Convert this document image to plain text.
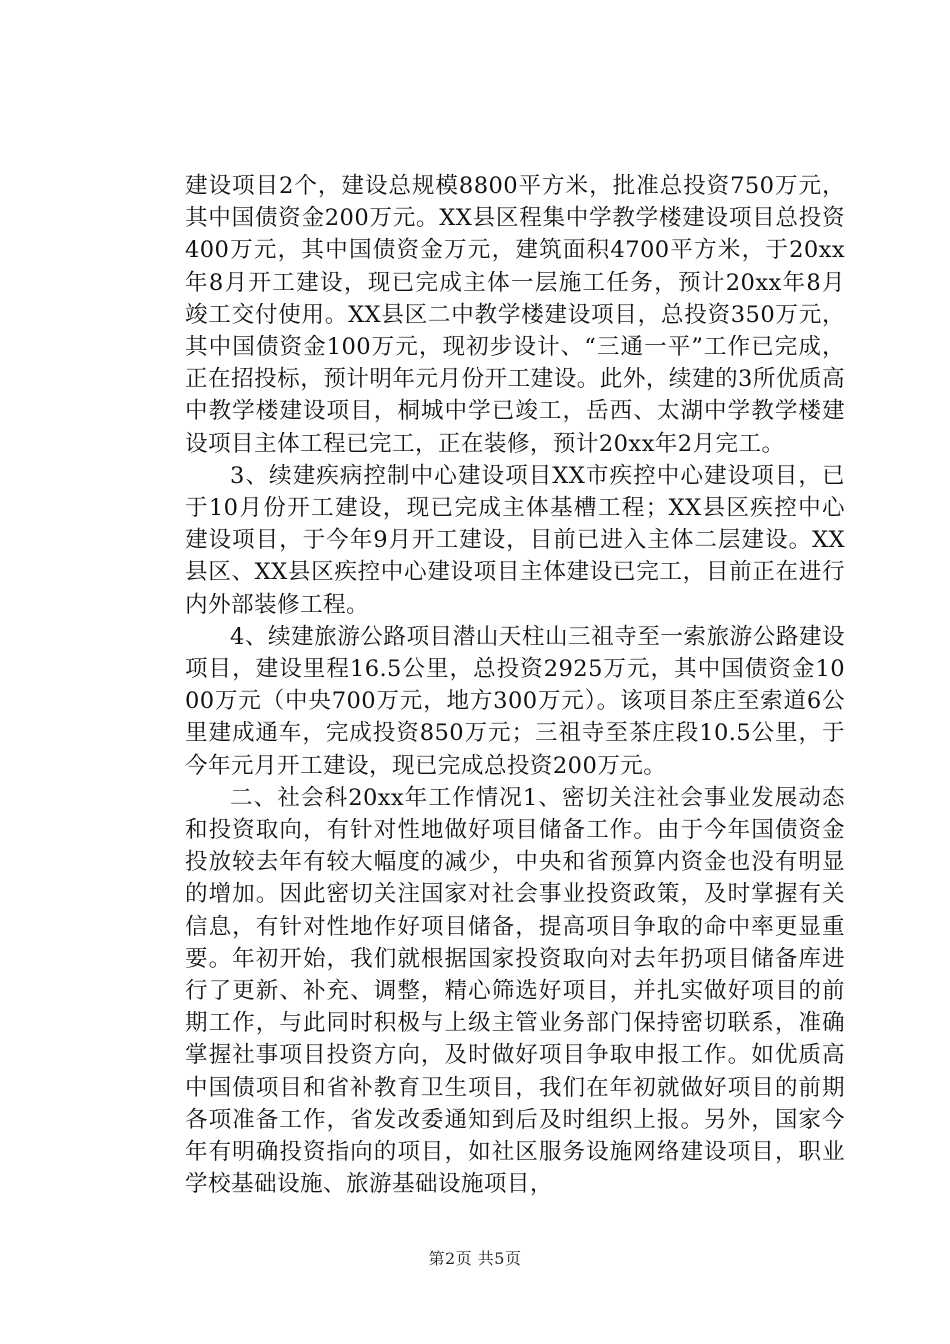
建设项目2个，建设总规模8800平方米，批准总投资750万元，其中国债资金200万元。XX县区程集中学教学楼建设项目总投资400万元，其中国债资金万元，建筑面积4700平方米，于20xx年8月开工建设，现已完成主体一层施工任务，预计20xx年8月竣工交付使用。XX县区二中教学楼建设项目，总投资350万元，其中国债资金100万元，现初步设计、“三通一平”工作已完成，正在招投标，预计明年元月份开工建设。此外，续建的3所优质高中教学楼建设项目，桐城中学已竣工，岳西、太湖中学教学楼建设项目主体工程已完工，正在装修，预计20xx年2月完工。

3、续建疾病控制中心建设项目XX市疾控中心建设项目，已于10月份开工建设，现已完成主体基槽工程；XX县区疾控中心建设项目，于今年9月开工建设，目前已进入主体二层建设。XX县区、XX县区疾控中心建设项目主体建设已完工，目前正在进行内外部装修工程。

4、续建旅游公路项目潜山天柱山三祖寺至一索旅游公路建设项目，建设里程16.5公里，总投资2925万元，其中国债资金1000万元（中央700万元，地方300万元）。该项目茶庄至索道6公里建成通车，完成投资850万元；三祖寺至茶庄段10.5公里，于今年元月开工建设，现已完成总投资200万元。

二、社会科20xx年工作情况1、密切关注社会事业发展动态和投资取向，有针对性地做好项目储备工作。由于今年国债资金投放较去年有较大幅度的减少，中央和省预算内资金也没有明显的增加。因此密切关注国家对社会事业投资政策，及时掌握有关信息，有针对性地作好项目储备，提高项目争取的命中率更显重要。年初开始，我们就根据国家投资取向对去年扔项目储备库进行了更新、补充、调整，精心筛选好项目，并扎实做好项目的前期工作，与此同时积极与上级主管业务部门保持密切联系，准确掌握社事项目投资方向，及时做好项目争取申报工作。如优质高中国债项目和省补教育卫生项目，我们在年初就做好项目的前期各项准备工作，省发改委通知到后及时组织上报。另外，国家今年有明确投资指向的项目，如社区服务设施网络建设项目，职业学校基础设施、旅游基础设施项目，

第2页 共5页
